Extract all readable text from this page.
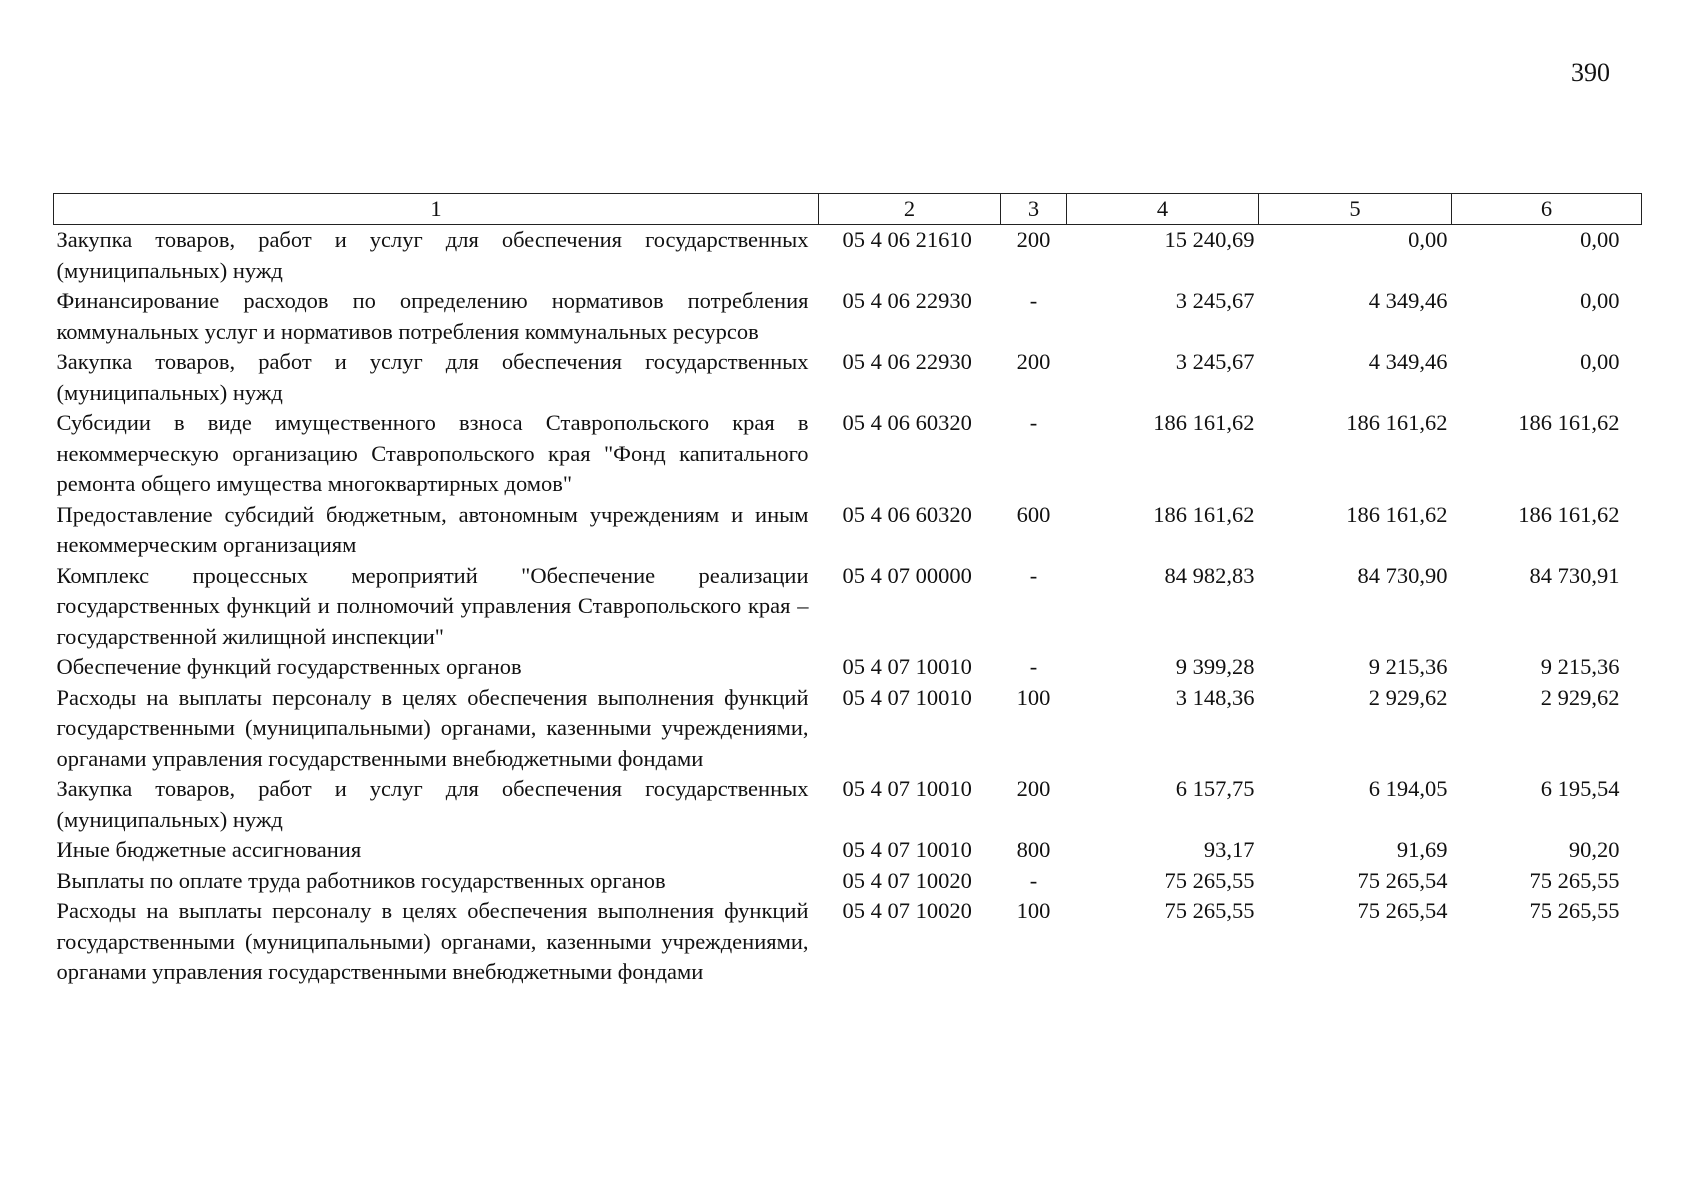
390
1	2	3	4	5	6
Закупка товаров, работ и услуг для обеспечения государственных (муниципальных) нужд	05 4 06 21610	200	15 240,69	0,00	0,00
Финансирование расходов по определению нормативов потребления коммунальных услуг и нормативов потребления коммунальных ресурсов	05 4 06 22930	-	3 245,67	4 349,46	0,00
Закупка товаров, работ и услуг для обеспечения государственных (муниципальных) нужд	05 4 06 22930	200	3 245,67	4 349,46	0,00
Субсидии в виде имущественного взноса Ставропольского края в некоммерческую организацию Ставропольского края "Фонд капитального ремонта общего имущества многоквартирных домов"	05 4 06 60320	-	186 161,62	186 161,62	186 161,62
Предоставление субсидий бюджетным, автономным учреждениям и иным некоммерческим организациям	05 4 06 60320	600	186 161,62	186 161,62	186 161,62
Комплекс процессных мероприятий "Обеспечение реализации государственных функций и полномочий управления Ставропольского края – государственной жилищной инспекции"	05 4 07 00000	-	84 982,83	84 730,90	84 730,91
Обеспечение функций государственных органов	05 4 07 10010	-	9 399,28	9 215,36	9 215,36
Расходы на выплаты персоналу в целях обеспечения выполнения функций государственными (муниципальными) органами, казенными учреждениями, органами управления государственными внебюджетными фондами	05 4 07 10010	100	3 148,36	2 929,62	2 929,62
Закупка товаров, работ и услуг для обеспечения государственных (муниципальных) нужд	05 4 07 10010	200	6 157,75	6 194,05	6 195,54
Иные бюджетные ассигнования	05 4 07 10010	800	93,17	91,69	90,20
Выплаты по оплате труда работников государственных органов	05 4 07 10020	-	75 265,55	75 265,54	75 265,55
Расходы на выплаты персоналу в целях обеспечения выполнения функций государственными (муниципальными) органами, казенными учреждениями, органами управления государственными внебюджетными фондами	05 4 07 10020	100	75 265,55	75 265,54	75 265,55
